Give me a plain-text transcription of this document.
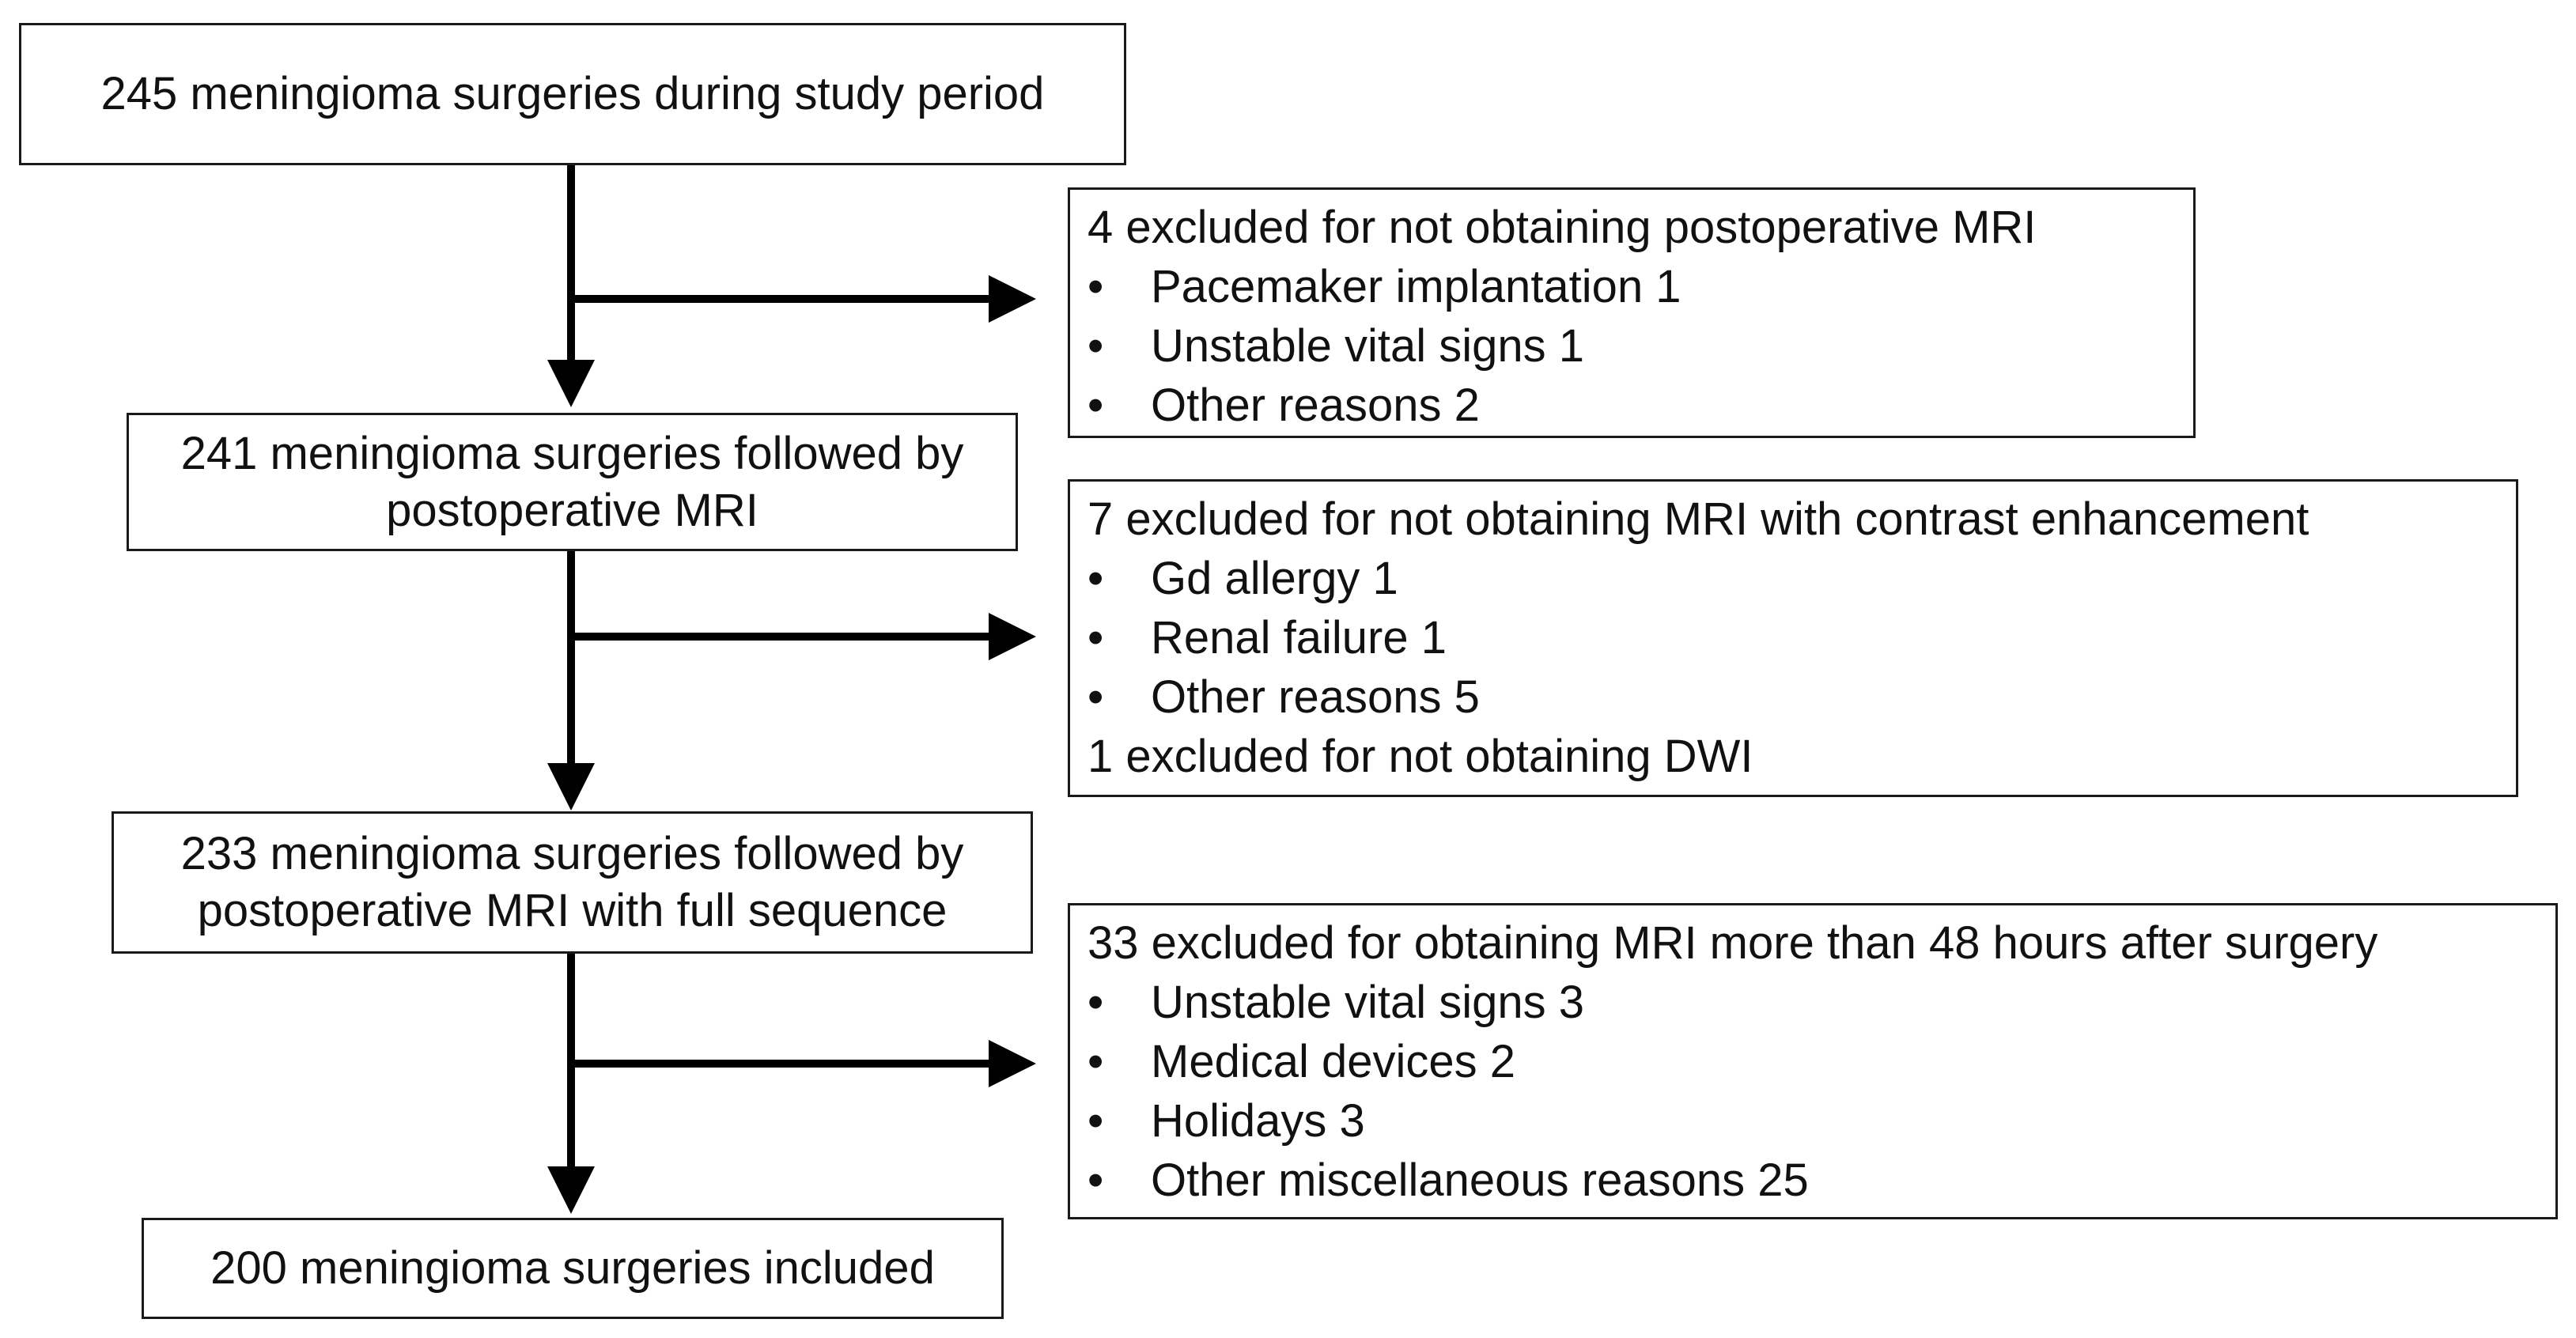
245 meningioma surgeries during study period
241 meningioma surgeries followed by
postoperative MRI
233 meningioma surgeries followed by
postoperative MRI with full sequence
200 meningioma surgeries included
4 excluded for not obtaining postoperative MRI
•	Pacemaker implantation 1
•	Unstable vital signs 1
•	Other reasons 2
7 excluded for not obtaining MRI with contrast enhancement
•	Gd allergy 1
•	Renal failure 1
•	Other reasons 5
1 excluded for not obtaining DWI
33 excluded for obtaining MRI more than 48 hours after surgery
•	Unstable vital signs 3
•	Medical devices 2
•	Holidays 3
•	Other miscellaneous reasons 25
